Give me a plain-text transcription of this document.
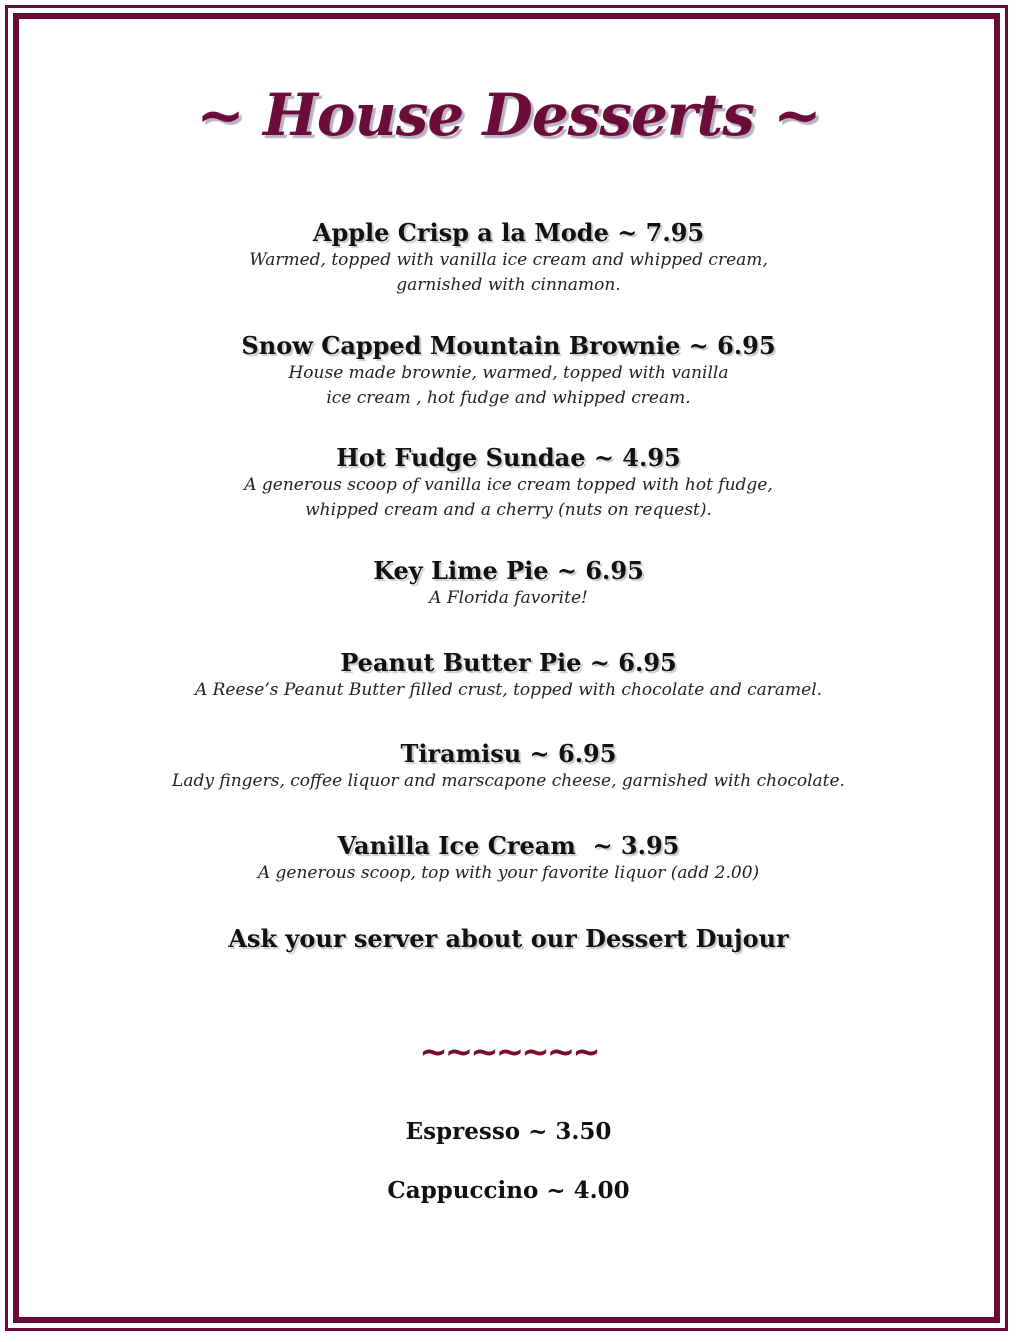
~ House Desserts ~
Apple Crisp a la Mode ~ 7.95
Warmed, topped with vanilla ice cream and whipped cream,
garnished with cinnamon.
Snow Capped Mountain Brownie ~ 6.95
House made brownie, warmed, topped with vanilla
ice cream , hot fudge and whipped cream.
Hot Fudge Sundae ~ 4.95
A generous scoop of vanilla ice cream topped with hot fudge,
whipped cream and a cherry (nuts on request).
Key Lime Pie ~ 6.95
A Florida favorite!
Peanut Butter Pie ~ 6.95
A Reese’s Peanut Butter filled crust, topped with chocolate and caramel.
Tiramisu ~ 6.95
Lady fingers, coffee liquor and marscapone cheese, garnished with chocolate.
Vanilla Ice Cream  ~ 3.95
A generous scoop, top with your favorite liquor (add 2.00)
Ask your server about our Dessert Dujour
~~~~~~~
Espresso ~ 3.50
Cappuccino ~ 4.00
